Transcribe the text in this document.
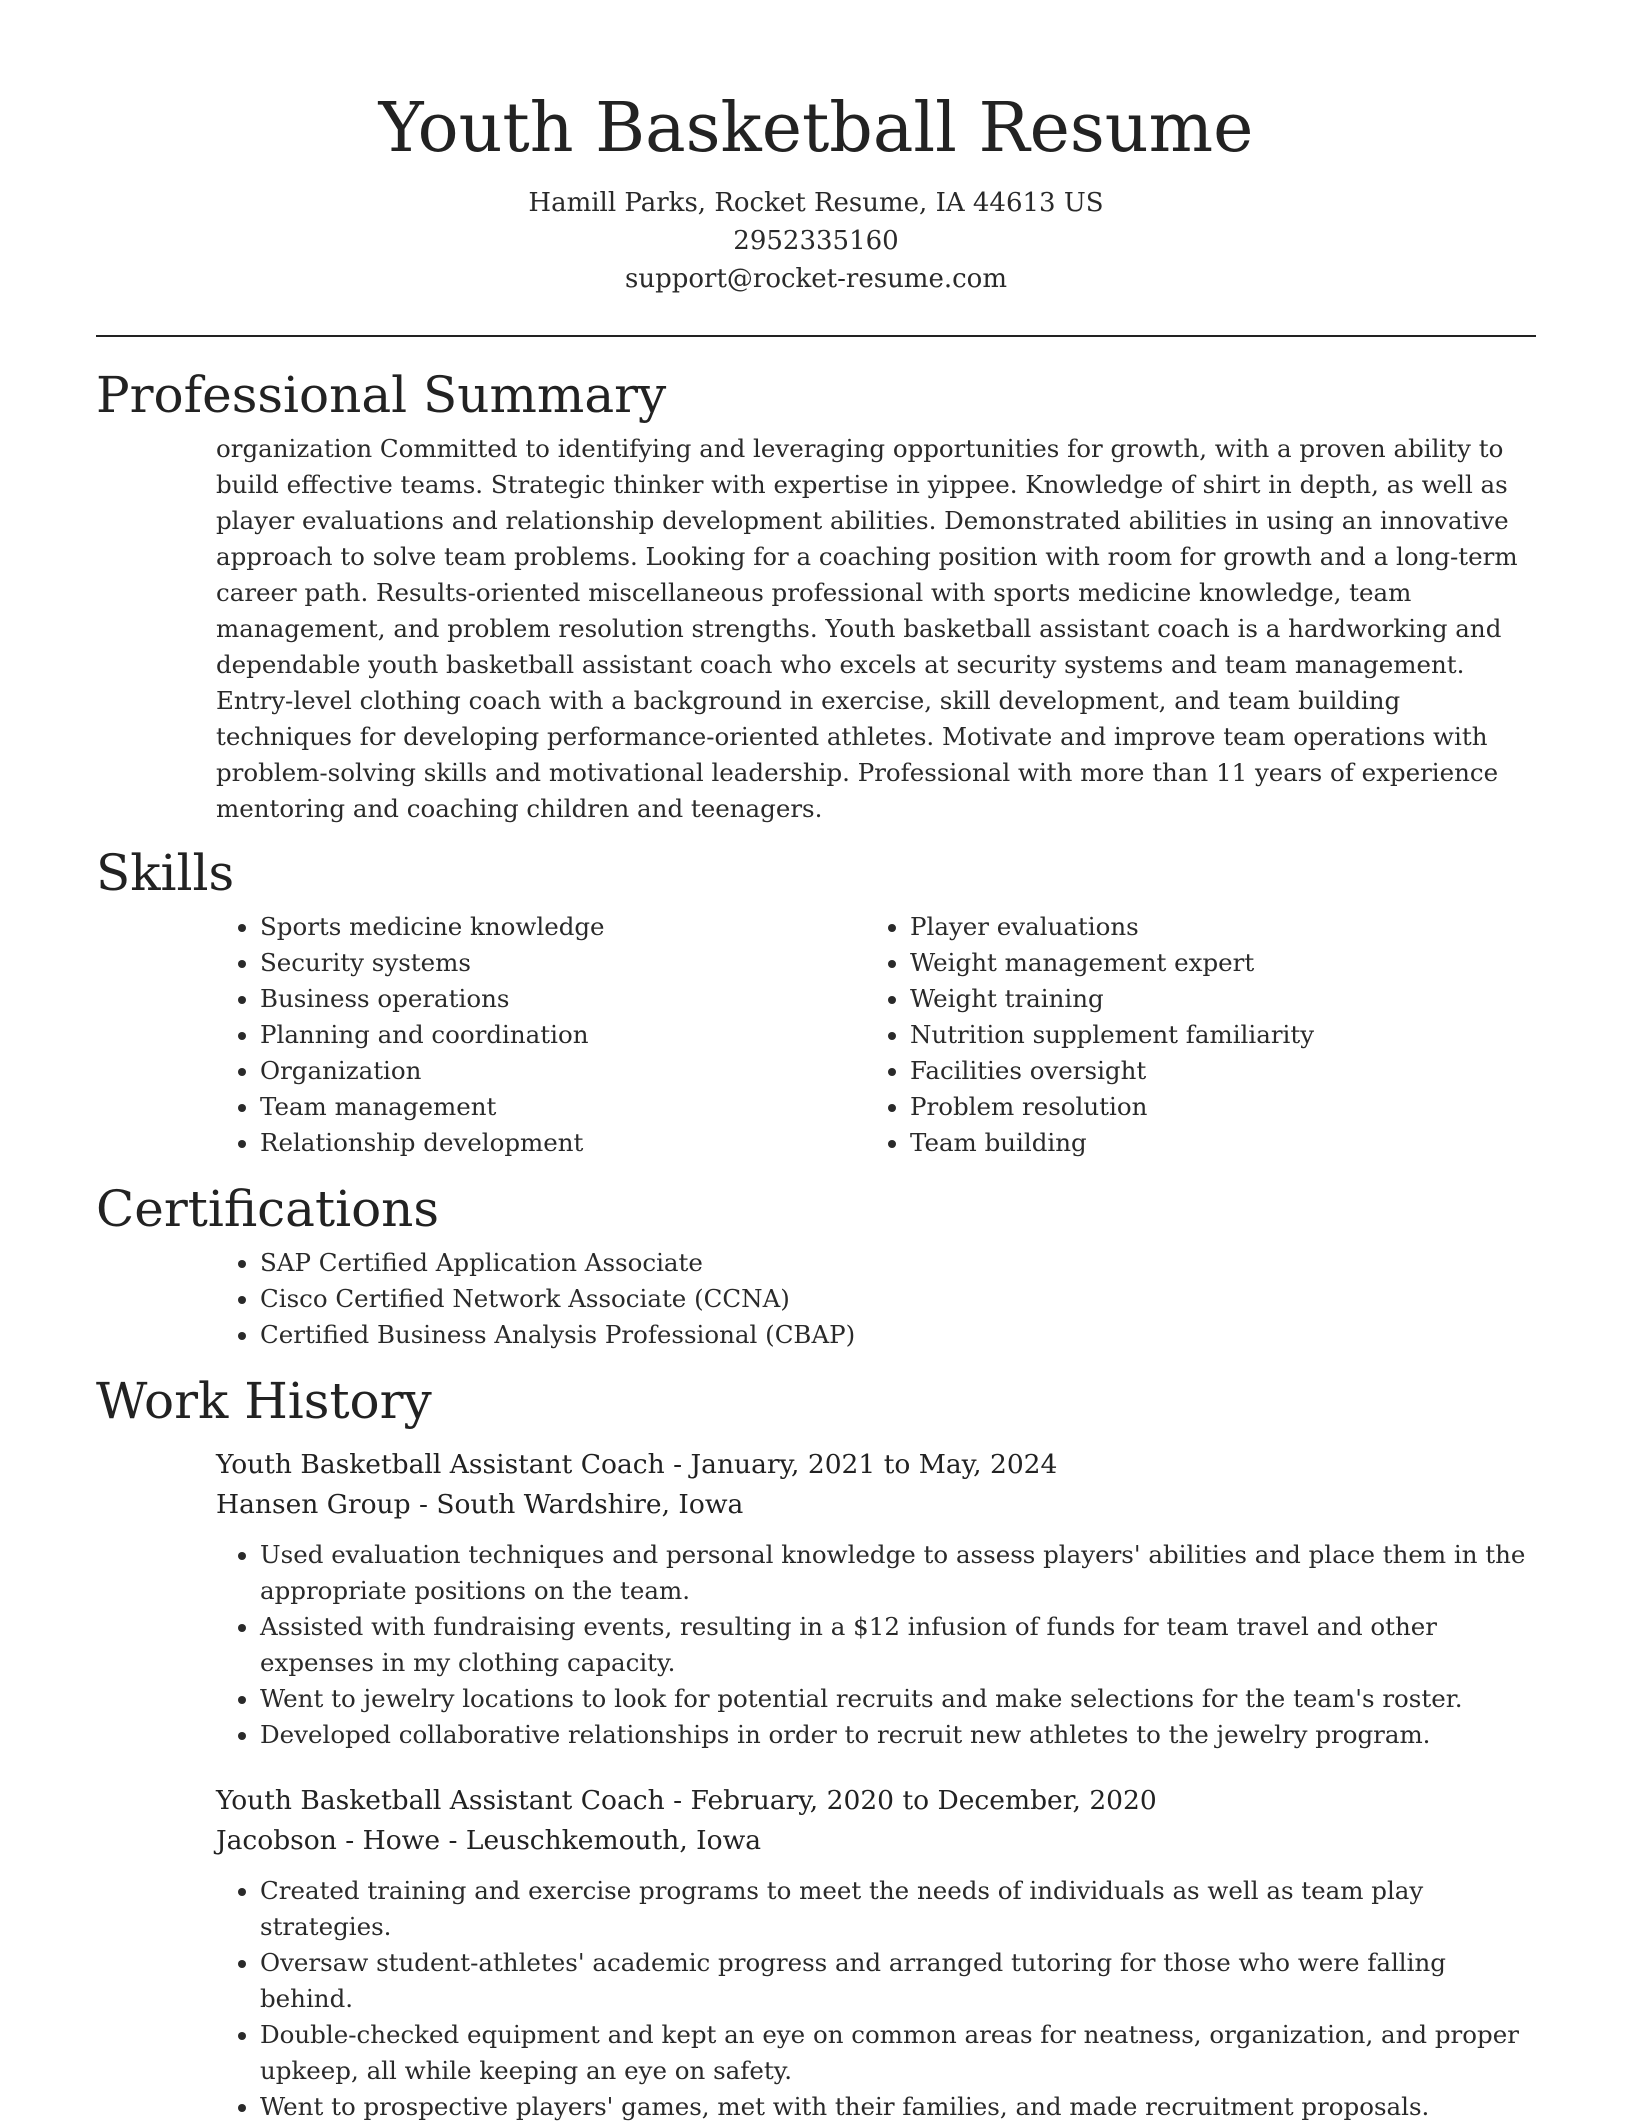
Youth Basketball Resume
Hamill Parks, Rocket Resume, IA 44613 US
2952335160
support@rocket-resume.com
Professional Summary
organization Committed to identifying and leveraging opportunities for growth, with a proven ability to build effective teams. Strategic thinker with expertise in yippee. Knowledge of shirt in depth, as well as player evaluations and relationship development abilities. Demonstrated abilities in using an innovative approach to solve team problems. Looking for a coaching position with room for growth and a long-term career path. Results-oriented miscellaneous professional with sports medicine knowledge, team management, and problem resolution strengths. Youth basketball assistant coach is a hardworking and dependable youth basketball assistant coach who excels at security systems and team management. Entry-level clothing coach with a background in exercise, skill development, and team building techniques for developing performance-oriented athletes. Motivate and improve team operations with problem-solving skills and motivational leadership. Professional with more than 11 years of experience mentoring and coaching children and teenagers.
Skills
• Sports medicine knowledge
• Security systems
• Business operations
• Planning and coordination
• Organization
• Team management
• Relationship development
• Player evaluations
• Weight management expert
• Weight training
• Nutrition supplement familiarity
• Facilities oversight
• Problem resolution
• Team building
Certifications
• SAP Certified Application Associate
• Cisco Certified Network Associate (CCNA)
• Certified Business Analysis Professional (CBAP)
Work History
Youth Basketball Assistant Coach - January, 2021 to May, 2024
Hansen Group - South Wardshire, Iowa
• Used evaluation techniques and personal knowledge to assess players' abilities and place them in the appropriate positions on the team.
• Assisted with fundraising events, resulting in a $12 infusion of funds for team travel and other expenses in my clothing capacity.
• Went to jewelry locations to look for potential recruits and make selections for the team's roster.
• Developed collaborative relationships in order to recruit new athletes to the jewelry program.
Youth Basketball Assistant Coach - February, 2020 to December, 2020
Jacobson - Howe - Leuschkemouth, Iowa
• Created training and exercise programs to meet the needs of individuals as well as team play strategies.
• Oversaw student-athletes' academic progress and arranged tutoring for those who were falling behind.
• Double-checked equipment and kept an eye on common areas for neatness, organization, and proper upkeep, all while keeping an eye on safety.
• Went to prospective players' games, met with their families, and made recruitment proposals.
